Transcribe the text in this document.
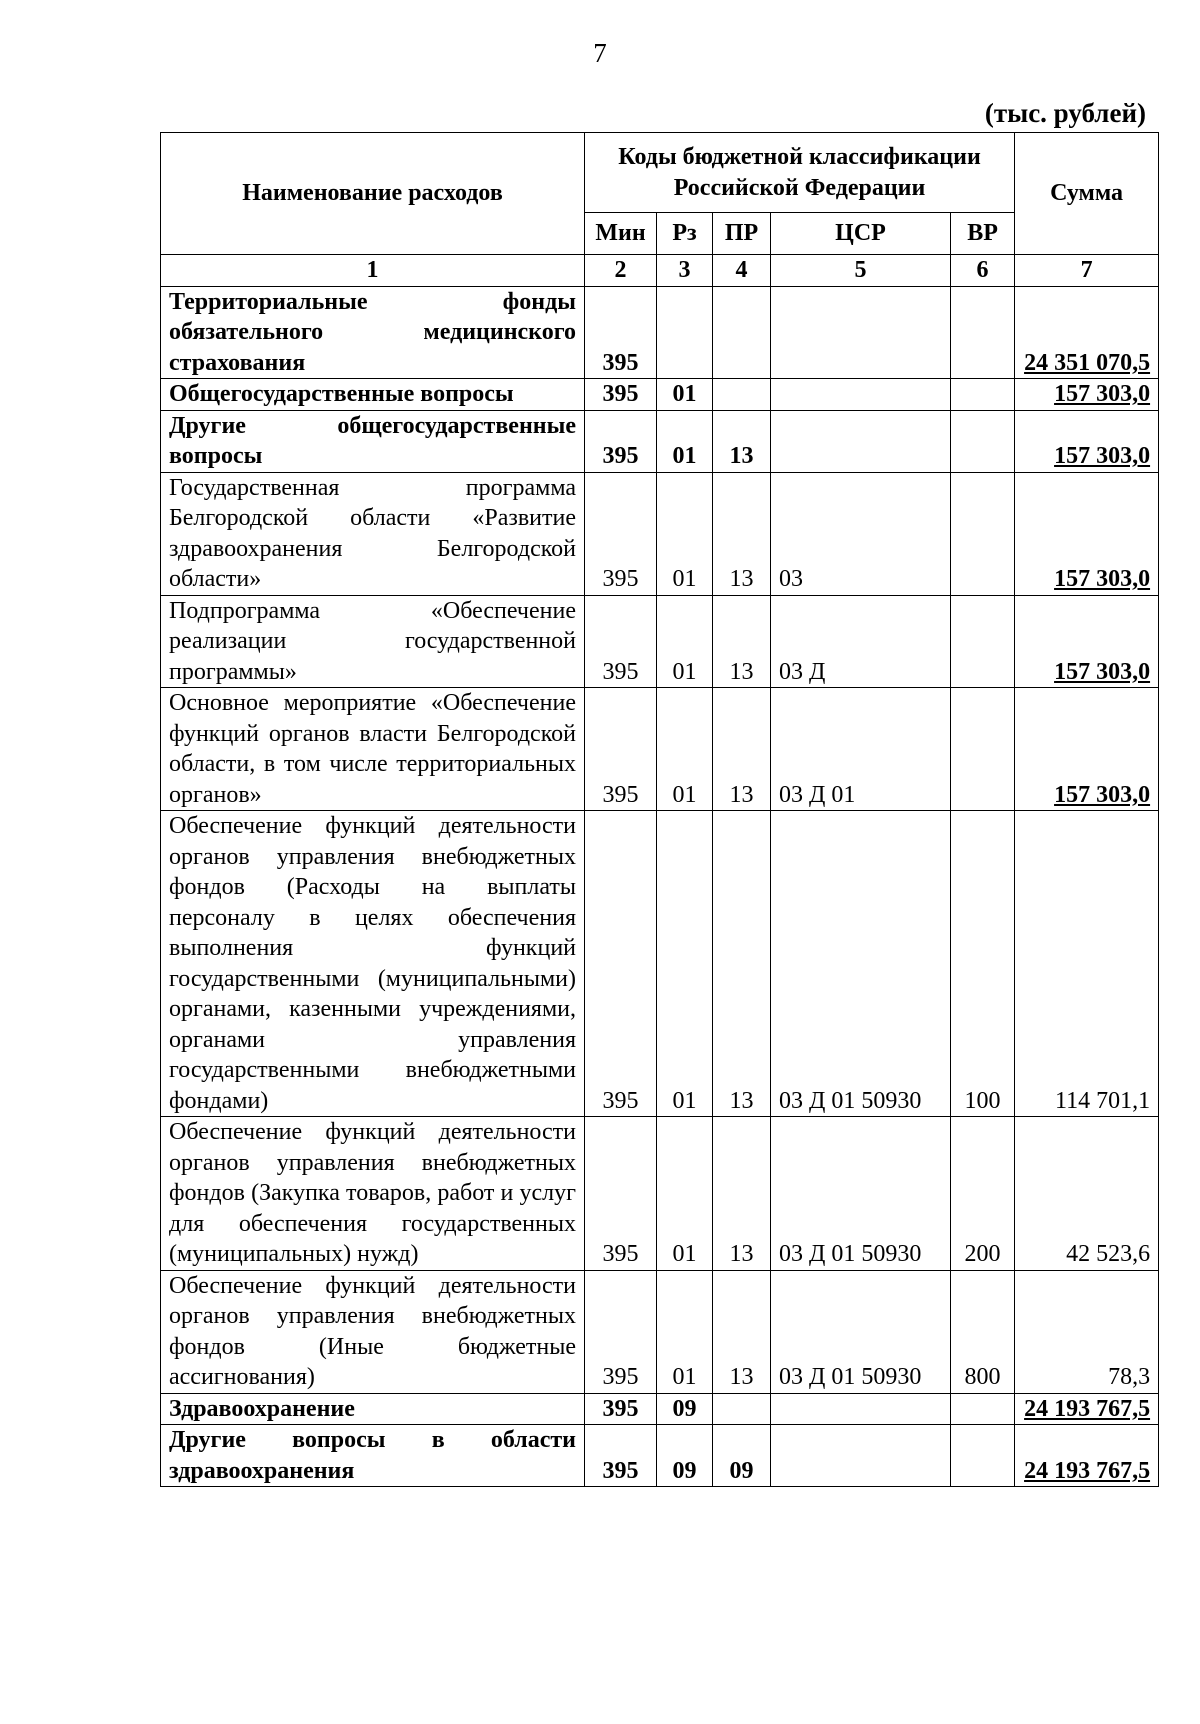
7
(тыс. рублей)
Наименование расходов	Коды бюджетной классификации Российской Федерации					Сумма
	Мин	Рз	ПР	ЦСР	ВР	
1	2	3	4	5	6	7
Территориальные фонды обязательного медицинского страхования	395					24 351 070,5
Общегосударственные вопросы	395	01				157 303,0
Другие общегосударственные вопросы	395	01	13			157 303,0
Государственная программа Белгородской области «Развитие здравоохранения Белгородской области»	395	01	13	03		157 303,0
Подпрограмма «Обеспечение реализации государственной программы»	395	01	13	03 Д		157 303,0
Основное мероприятие «Обеспечение функций органов власти Белгородской области, в том числе территориальных органов»	395	01	13	03 Д 01		157 303,0
Обеспечение функций деятельности органов управления внебюджетных фондов (Расходы на выплаты персоналу в целях обеспечения выполнения функций государственными (муниципальными) органами, казенными учреждениями, органами управления государственными внебюджетными фондами)	395	01	13	03 Д 01 50930	100	114 701,1
Обеспечение функций деятельности органов управления внебюджетных фондов (Закупка товаров, работ и услуг для обеспечения государственных (муниципальных) нужд)	395	01	13	03 Д 01 50930	200	42 523,6
Обеспечение функций деятельности органов управления внебюджетных фондов (Иные бюджетные ассигнования)	395	01	13	03 Д 01 50930	800	78,3
Здравоохранение	395	09				24 193 767,5
Другие вопросы в области здравоохранения	395	09	09			24 193 767,5
